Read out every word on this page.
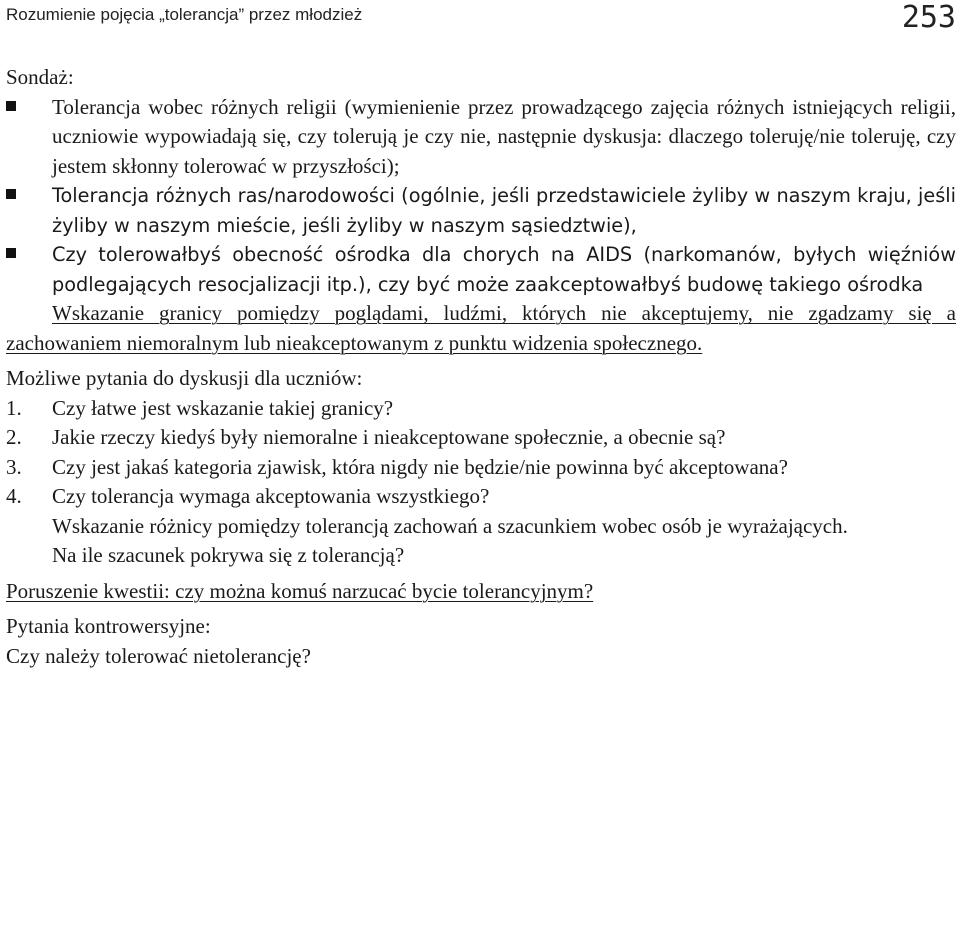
Rozumienie pojęcia „tolerancja” przez młodzież	253

Sondaż:

Tolerancja wobec różnych religii (wymienienie przez prowadzącego zajęcia różnych istniejących religii, uczniowie wypowiadają się, czy tolerują je czy nie, następnie dyskusja: dlaczego toleruję/nie toleruję, czy jestem skłonny tolerować w przyszłości);
Tolerancja różnych ras/narodowości (ogólnie, jeśli przedstawiciele żyliby w naszym kraju, jeśli żyliby w naszym mieście, jeśli żyliby w naszym sąsiedztwie),
Czy tolerowałbyś obecność ośrodka dla chorych na AIDS (narkomanów, byłych więźniów podlegających resocjalizacji itp.), czy być może zaakceptowałbyś budowę takiego ośrodka

Wskazanie granicy pomiędzy poglądami, ludźmi, których nie akceptujemy, nie zgadzamy się a zachowaniem niemoralnym lub nieakceptowanym z punktu widzenia społecznego.

Możliwe pytania do dyskusji dla uczniów:

1. Czy łatwe jest wskazanie takiej granicy?
2. Jakie rzeczy kiedyś były niemoralne i nieakceptowane społecznie, a obecnie są?
3. Czy jest jakaś kategoria zjawisk, która nigdy nie będzie/nie powinna być akceptowana?
4. Czy tolerancja wymaga akceptowania wszystkiego?

Wskazanie różnicy pomiędzy tolerancją zachowań a szacunkiem wobec osób je wyrażających.

Na ile szacunek pokrywa się z tolerancją?

Poruszenie kwestii: czy można komuś narzucać bycie tolerancyjnym?

Pytania kontrowersyjne:

Czy należy tolerować nietolerancję?
